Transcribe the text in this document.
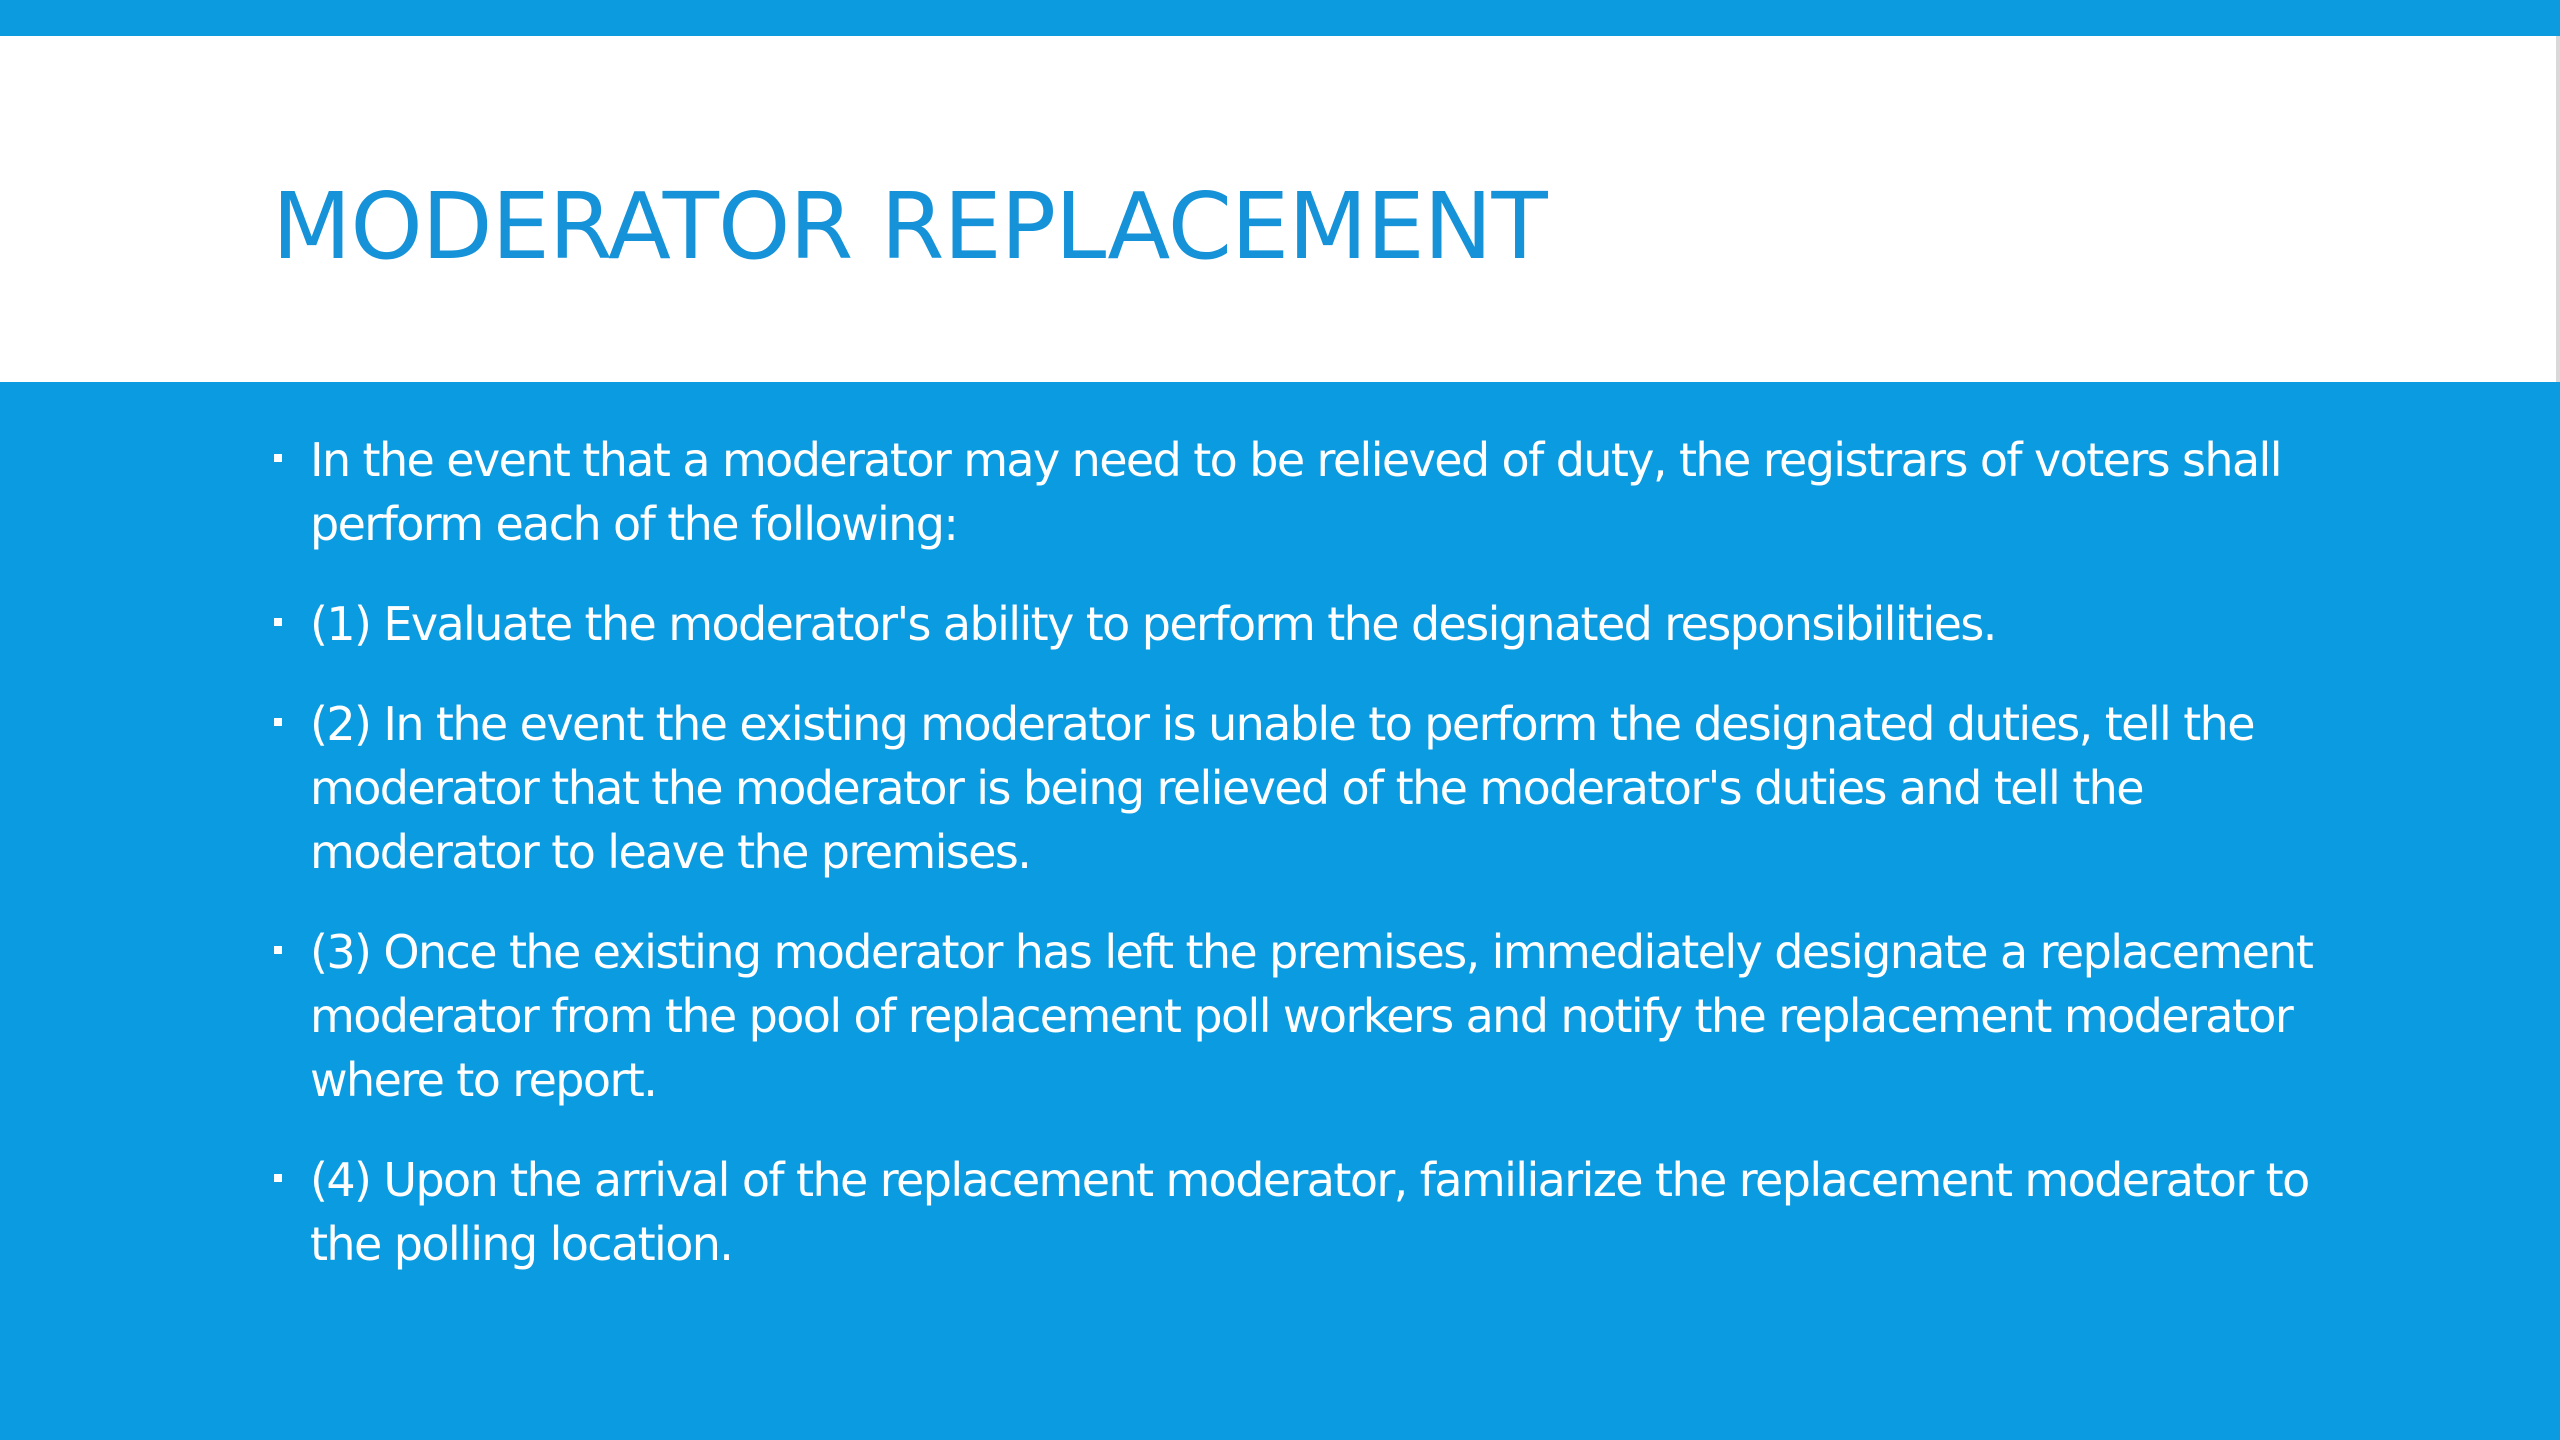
MODERATOR REPLACEMENT
In the event that a moderator may need to be relieved of duty, the registrars of voters shall perform each of the following:
(1) Evaluate the moderator's ability to perform the designated responsibilities.
(2) In the event the existing moderator is unable to perform the designated duties, tell the moderator that the moderator is being relieved of the moderator's duties and tell the moderator to leave the premises.
(3) Once the existing moderator has left the premises, immediately designate a replacement moderator from the pool of replacement poll workers and notify the replacement moderator where to report.
(4) Upon the arrival of the replacement moderator, familiarize the replacement moderator to the polling location.
